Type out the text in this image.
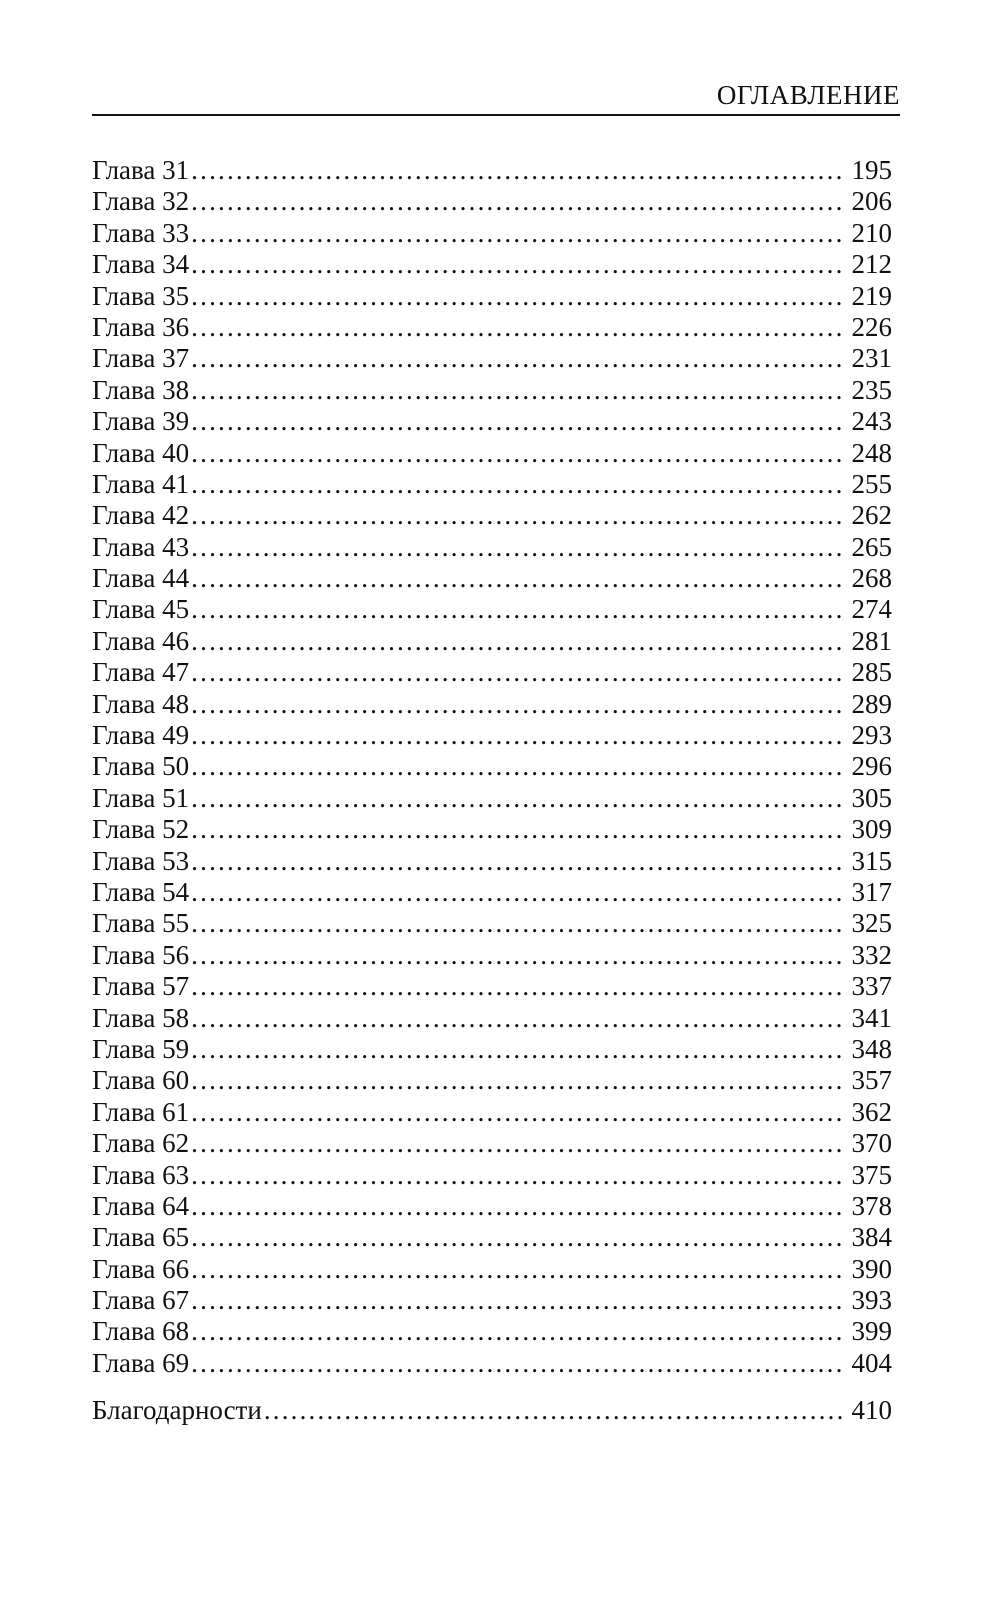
ОГЛАВЛЕНИЕ
Глава 31 .....	195
Глава 32 .....	206
Глава 33 .....	210
Глава 34 .....	212
Глава 35 .....	219
Глава 36 .....	226
Глава 37 .....	231
Глава 38 .....	235
Глава 39 .....	243
Глава 40 .....	248
Глава 41 .....	255
Глава 42 .....	262
Глава 43 .....	265
Глава 44 .....	268
Глава 45 .....	274
Глава 46 .....	281
Глава 47 .....	285
Глава 48 .....	289
Глава 49 .....	293
Глава 50 .....	296
Глава 51 .....	305
Глава 52 .....	309
Глава 53 .....	315
Глава 54 .....	317
Глава 55 .....	325
Глава 56 .....	332
Глава 57 .....	337
Глава 58 .....	341
Глава 59 .....	348
Глава 60 .....	357
Глава 61 .....	362
Глава 62 .....	370
Глава 63 .....	375
Глава 64 .....	378
Глава 65 .....	384
Глава 66 .....	390
Глава 67 .....	393
Глава 68 .....	399
Глава 69 .....	404
Благодарности .....	410
